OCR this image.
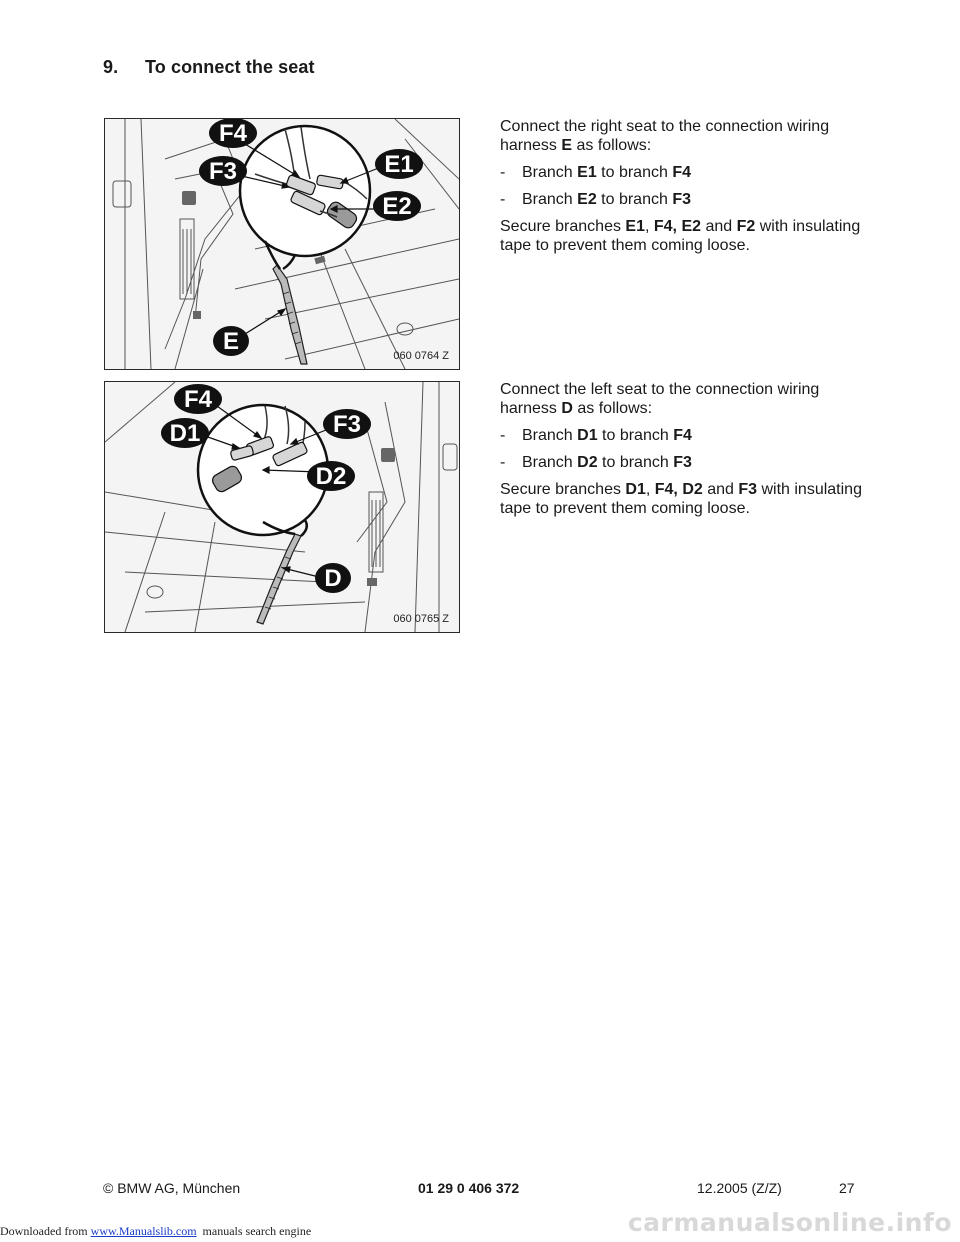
9. To connect the seat
F4
F3	E1
E2
E
060 0764 Z

Connect the right seat to the connection wiring harness E as follows:

-	Branch E1 to branch F4
-	Branch E2 to branch F3

Secure branches E1, F4, E2 and F2 with insulating tape to prevent them coming loose.

F4
D1	F3
D2
D
060 0765 Z

Connect the left seat to the connection wiring harness D as follows:

-	Branch D1 to branch F4
-	Branch D2 to branch F3

Secure branches D1, F4, D2 and F3 with insulating tape to prevent them coming loose.

© BMW AG, München	01 29 0 406 372	12.2005 (Z/Z)	27
Downloaded from www.Manualslib.com manuals search engine	carmanualsonline.info
